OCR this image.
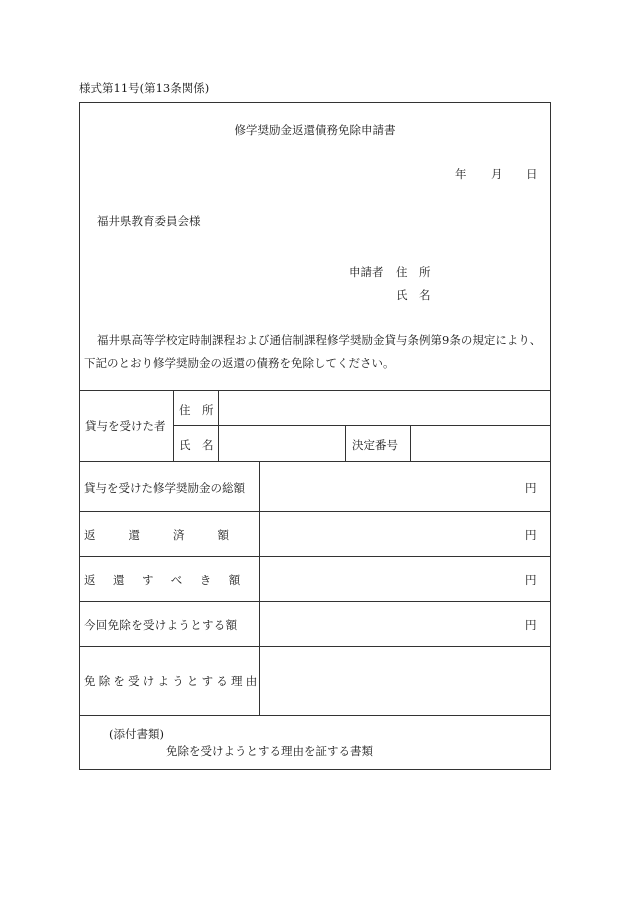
様式第11号(第13条関係)
修学奨励金返還債務免除申請書
年 月 日
福井県教育委員会様
申請者 住　所
氏　名
福井県高等学校定時制課程および通信制課程修学奨励金貸与条例第9条の規定により、
下記のとおり修学奨励金の返還の債務を免除してください。
貸与を受けた者
住　所
氏　名	決定番号
貸与を受けた修学奨励金の総額	円
返還済額	円
返還すべき額	円
今回免除を受けようとする額	円
免除を受けようとする理由
(添付書類)
免除を受けようとする理由を証する書類
